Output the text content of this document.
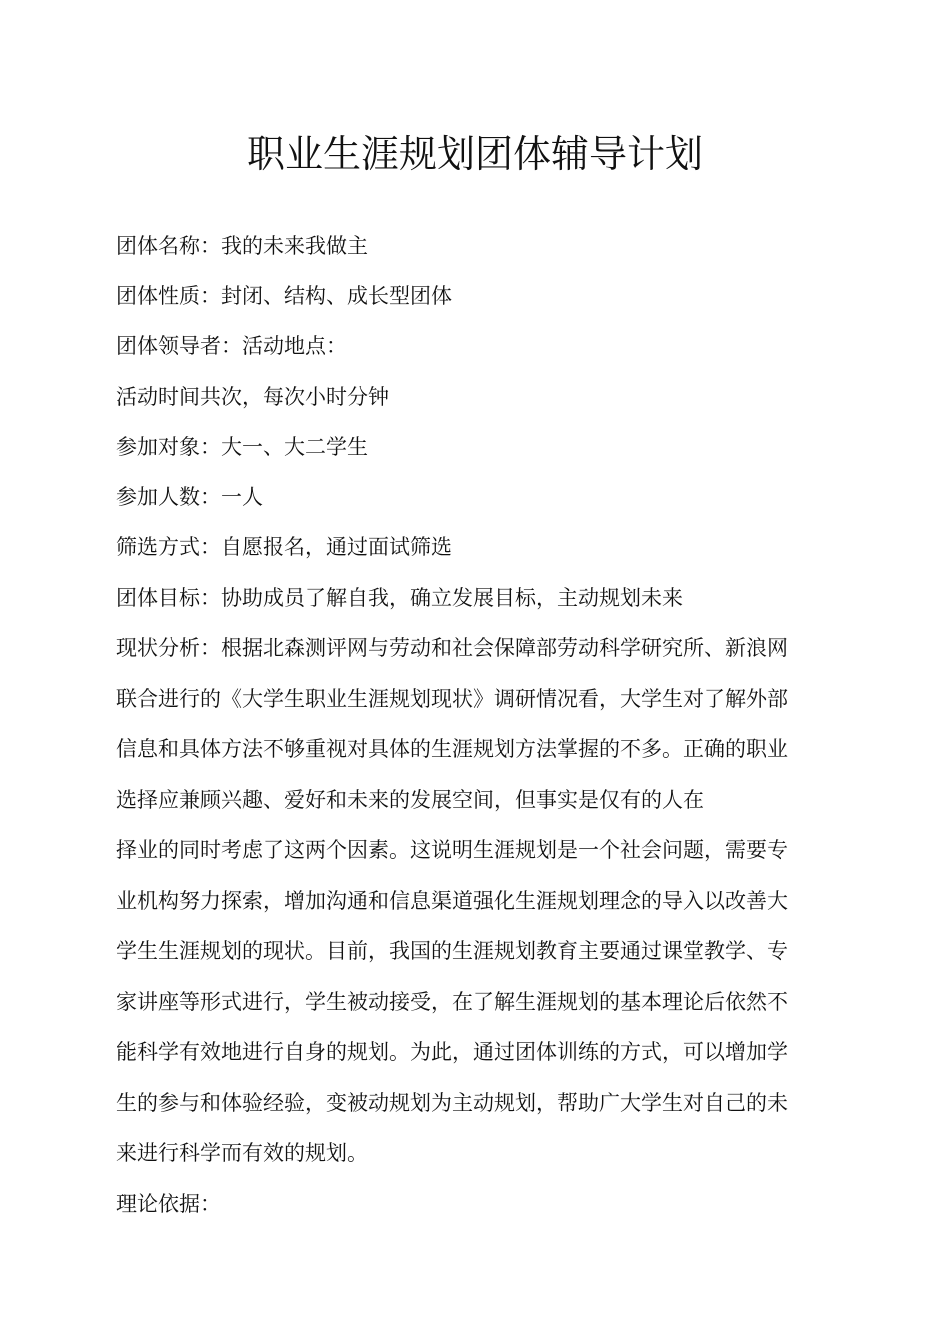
职业生涯规划团体辅导计划
团体名称：我的未来我做主
团体性质：封闭、结构、成长型团体
团体领导者：活动地点：
活动时间共次，每次小时分钟
参加对象：大一、大二学生
参加人数：一人
筛选方式：自愿报名，通过面试筛选
团体目标：协助成员了解自我，确立发展目标，主动规划未来
现状分析：根据北森测评网与劳动和社会保障部劳动科学研究所、新浪网
联合进行的《大学生职业生涯规划现状》调研情况看，大学生对了解外部
信息和具体方法不够重视对具体的生涯规划方法掌握的不多。正确的职业
选择应兼顾兴趣、爱好和未来的发展空间，但事实是仅有的人在
择业的同时考虑了这两个因素。这说明生涯规划是一个社会问题，需要专
业机构努力探索，增加沟通和信息渠道强化生涯规划理念的导入以改善大
学生生涯规划的现状。目前，我国的生涯规划教育主要通过课堂教学、专
家讲座等形式进行，学生被动接受，在了解生涯规划的基本理论后依然不
能科学有效地进行自身的规划。为此，通过团体训练的方式，可以增加学
生的参与和体验经验，变被动规划为主动规划，帮助广大学生对自己的未
来进行科学而有效的规划。
理论依据：
